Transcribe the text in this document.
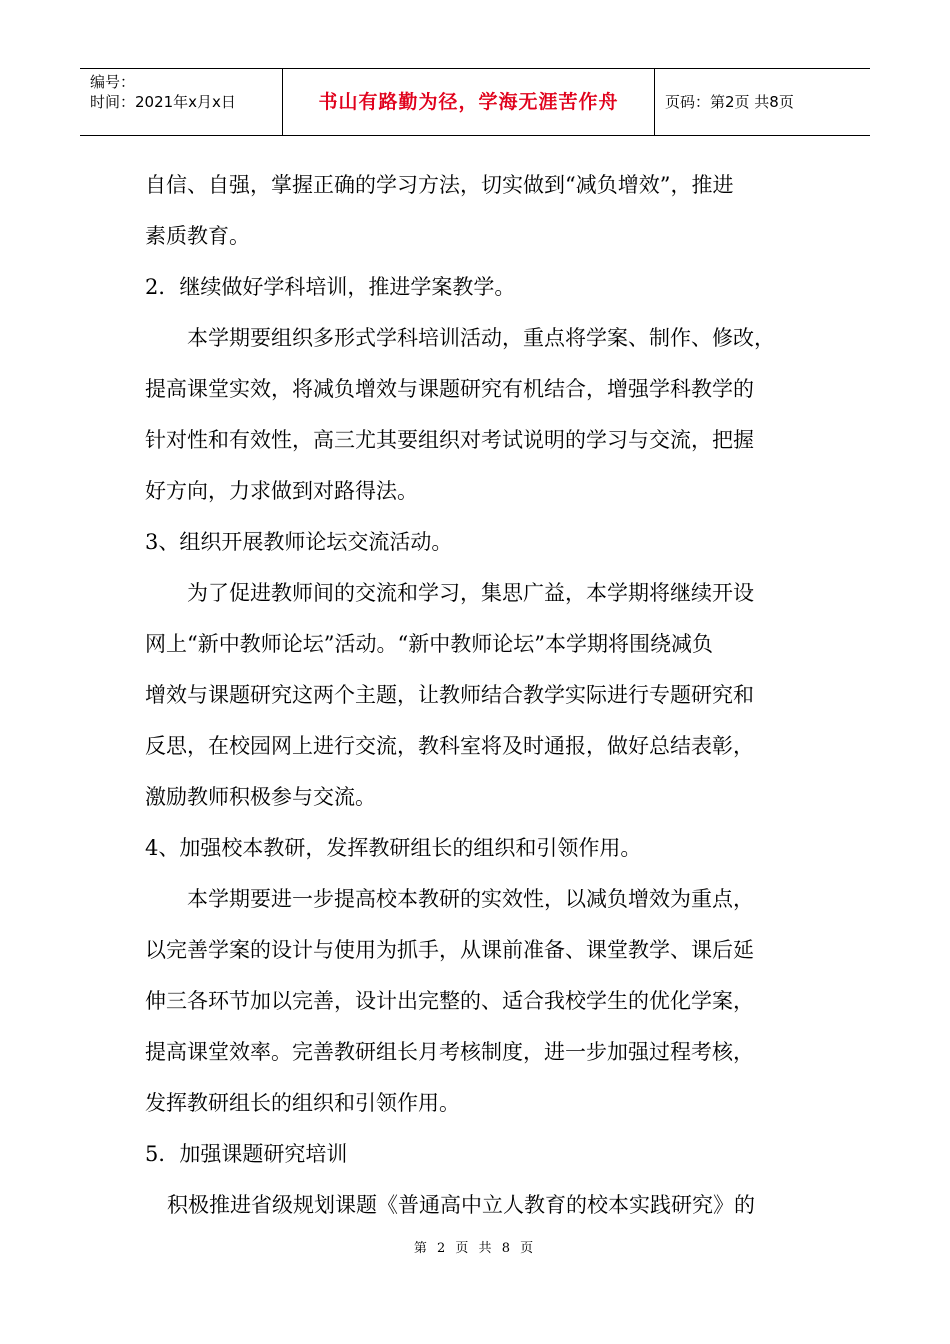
编号：
时间：2021年x月x日	书山有路勤为径，学海无涯苦作舟	页码：第2页 共8页
自信、自强，掌握正确的学习方法，切实做到“减负增效”，推进
素质教育。
2．继续做好学科培训，推进学案教学。
本学期要组织多形式学科培训活动，重点将学案、制作、修改，
提高课堂实效，将减负增效与课题研究有机结合，增强学科教学的
针对性和有效性，高三尤其要组织对考试说明的学习与交流，把握
好方向，力求做到对路得法。
3、组织开展教师论坛交流活动。
为了促进教师间的交流和学习，集思广益，本学期将继续开设
网上“新中教师论坛”活动。“新中教师论坛”本学期将围绕减负
增效与课题研究这两个主题，让教师结合教学实际进行专题研究和
反思，在校园网上进行交流，教科室将及时通报，做好总结表彰，
激励教师积极参与交流。
4、加强校本教研，发挥教研组长的组织和引领作用。
本学期要进一步提高校本教研的实效性，以减负增效为重点，
以完善学案的设计与使用为抓手，从课前准备、课堂教学、课后延
伸三各环节加以完善，设计出完整的、适合我校学生的优化学案，
提高课堂效率。完善教研组长月考核制度，进一步加强过程考核，
发挥教研组长的组织和引领作用。
5．加强课题研究培训
积极推进省级规划课题《普通高中立人教育的校本实践研究》的
第 2 页 共 8 页
